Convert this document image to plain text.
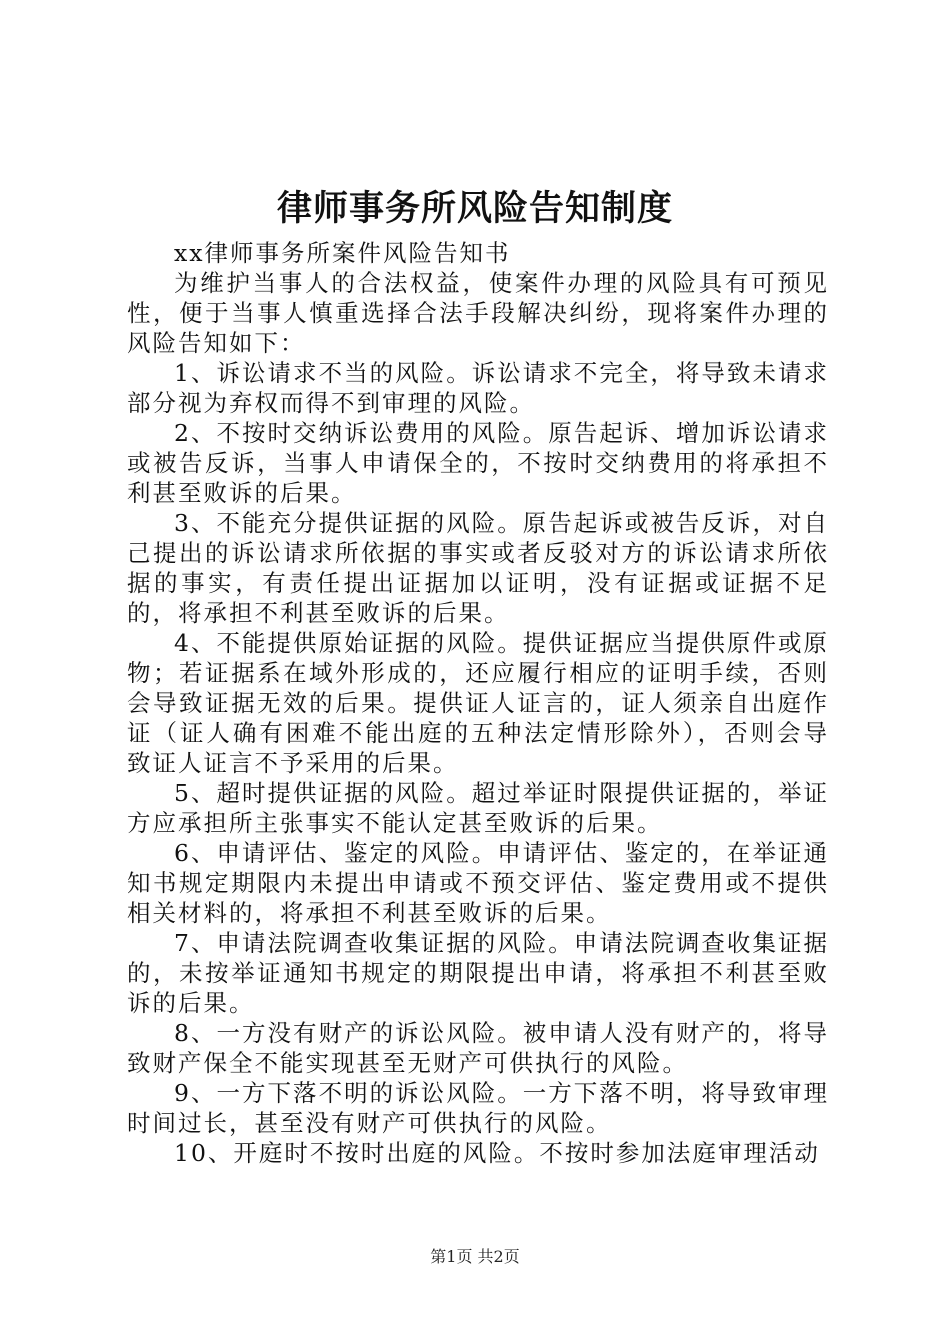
律师事务所风险告知制度

xx律师事务所案件风险告知书

为维护当事人的合法权益，使案件办理的风险具有可预见性，便于当事人慎重选择合法手段解决纠纷，现将案件办理的风险告知如下：

1、诉讼请求不当的风险。诉讼请求不完全，将导致未请求部分视为弃权而得不到审理的风险。

2、不按时交纳诉讼费用的风险。原告起诉、增加诉讼请求或被告反诉，当事人申请保全的，不按时交纳费用的将承担不利甚至败诉的后果。

3、不能充分提供证据的风险。原告起诉或被告反诉，对自己提出的诉讼请求所依据的事实或者反驳对方的诉讼请求所依据的事实，有责任提出证据加以证明，没有证据或证据不足的，将承担不利甚至败诉的后果。

4、不能提供原始证据的风险。提供证据应当提供原件或原物；若证据系在域外形成的，还应履行相应的证明手续，否则会导致证据无效的后果。提供证人证言的，证人须亲自出庭作证（证人确有困难不能出庭的五种法定情形除外），否则会导致证人证言不予采用的后果。

5、超时提供证据的风险。超过举证时限提供证据的，举证方应承担所主张事实不能认定甚至败诉的后果。

6、申请评估、鉴定的风险。申请评估、鉴定的，在举证通知书规定期限内未提出申请或不预交评估、鉴定费用或不提供相关材料的，将承担不利甚至败诉的后果。

7、申请法院调查收集证据的风险。申请法院调查收集证据的，未按举证通知书规定的期限提出申请，将承担不利甚至败诉的后果。

8、一方没有财产的诉讼风险。被申请人没有财产的，将导致财产保全不能实现甚至无财产可供执行的风险。

9、一方下落不明的诉讼风险。一方下落不明，将导致审理时间过长，甚至没有财产可供执行的风险。

10、开庭时不按时出庭的风险。不按时参加法庭审理活动

第1页 共2页
